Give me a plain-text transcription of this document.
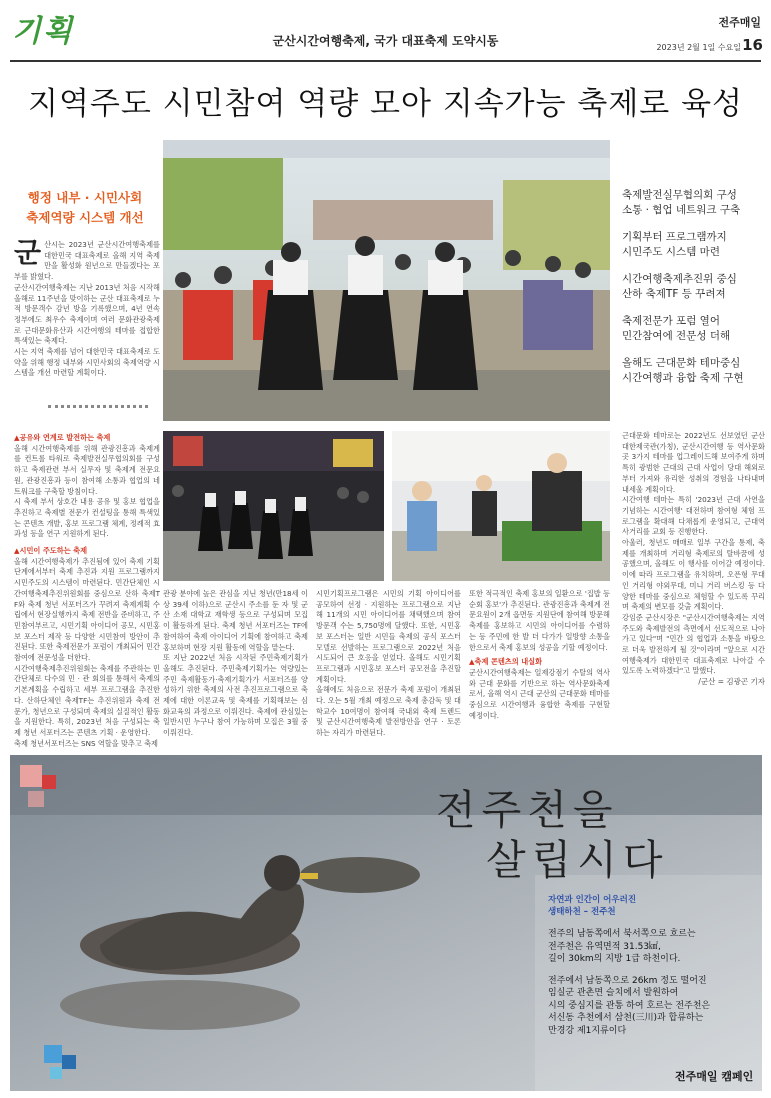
기획	군산시간여행축제, 국가 대표축제 도약시동
전주매일
2023년 2월 1일 수요일 16
지역주도 시민참여 역량 모아 지속가능 축제로 육성
행정 내부 · 시민사회
축제역량 시스템 개선
군 산시는 2023년 군산시간여행축제를 대한민국 대표축제로 올해 지역 축제만을 활성화 원년으로 만들겠다는 포부를 밝혔다.
군산시간여행축제는 지난 2013년 처음 시작해 올해로 11주년을 맞이하는 군산 대표축제로 누적 방문객수 감년 방을 기록했으며, 4년 연속 정부에도 최우수 축제이며 여러 문화관광축제로 근대문화유산과 시간여행의 테마를 접합한 특색있는 축제다.
시는 지역 축제를 넘어 대한민국 대표축제로 도약을 위해 행정 내부와 시민사회의 축제역량 시스템을 개선 마련할 계획이다.
▲공유와 연계로 발전하는 축제
올해 시간여행축제를 위해 관광진흥과 축제계를 컨트롤 타워로 축제발전실무협의회를 구성하고 축제관련 부서 실무자 및 축제계 전문요원, 관광진흥과 등이 참여해 소통과 협업의 네트워크를 구축할 방침이다.
시 축제 부서 상호간 내용 공유 및 홍보 협업을 추진하고 축제별 전문가 컨설팅을 통해 특색있는 콘텐츠 개발, 홍보 프로그램 체계, 정례적 효과성 등을 연구 지원하게 된다.
▲시민이 주도하는 축제
올해 시간여행축제가 추진됨에 있어 축제 기획 단계에서부터 축제 추진과 지원 프로그램까지 시민주도의 시스템이 마련된다. 민간단체인 시간여행축제추진위원회를 중심으로 산하 축제TF와 축제 청년 서포터즈가 꾸려져 축제계획 수립에서 현장실행까지 축제 전반을 준비하고, 주민참여부르고, 시민기획 아이디어 공모, 시민홍보 포스터 제작 등 다양한 시민참여 방안이 추진된다. 또한 축제전문가 포럼이 개최되어 민간참여에 전문성을 더한다.
시간여행축제추진위원회는 축제를 주관하는 민간단체로 다수의 민 · 관 회의를 통해서 축제의 기본계획을 수립하고 세부 프로그램을 추진한다. 산하단체인 축제TF는 추진위원과 축제 전문가, 청년으로 구성되며 축제의 실질적인 활동을 지원한다. 특히, 2023년 처음 구성되는 축제 청년 서포터즈는 콘텐츠 기획 · 운영한다.
축제 청년서포터즈는 SNS 역할을 맞추고 축제
관광 분야에 높은 관심을 지닌 청년(만18세 이상 39세 이하)으로 군산시 주소를 둔 자 및 군산 소재 대학교 재학생 등으로 구성되며 모집이 활동하게 된다. 축제 청년 서포터즈는 TF에 참여하여 축제 아이디어 기획에 참여하고 축제 홍보하며 현장 지원 활동에 역할을 맡는다.
또 지난 2022년 처음 시작된 주민축제기획가 올해도 추진된다. 주민축제기획가는 역량있는 주민 축제활동가·축제기획가가 서포터즈를 양성하기 위한 축제의 사전 추진프로그램으로 축제에 대한 이론교육 및 축제를 기획해보는 심화교육의 과정으로 이뤄진다. 축제에 관심있는 일반시민 누구나 참여 가능하며 모집은 3월 중 이뤄진다.
시민기획프로그램은 시민의 기획 아이디어를 공모하여 선정 · 지원하는 프로그램으로 지난해 11개의 시민 아이디어를 채택했으며 참여 방문객 수는 5,750명에 달했다. 또한, 시민홍보 포스터는 일반 시민들 축제의 공식 포스터 모델로 선발하는 프로그램으로 2022년 처음 시도되어 큰 호응을 얻었다. 올해도 시민기획 프로그램과 시민홍보 포스터 공모전을 추진할 계획이다.
올해에도 처음으로 전문가 축제 포럼이 개최된다. 오는 5월 개최 예정으로 축제 총감독 및 대학교수 10여명이 참여해 국내외 축제 트렌드 및 군산시간여행축제 발전방안을 연구 · 토론하는 자리가 마련된다.
또한 적극적인 축제 홍보의 일환으로 '집밥 등 순회 홍보'가 추진된다. 관광진흥과 축제계 전문요원이 2개 읍면동 지원단에 참여해 방문해 축제를 홍보하고 시민의 아이디어를 수렴하는 등 주민에 한 발 더 다가가 일방향 소통을 한으로서 축제 홍보의 성공을 기할 예정이다.
▲축제 콘텐츠의 내실화
군산시간여행축제는 일제강점기 수탈의 역사와 근대 문화를 기반으로 하는 역사문화축제로서, 올해 역시 근대 군산의 근대문화 테마를 중심으로 시간여행과 융합한 축제를 구현할 예정이다.
축제발전실무협의회 구성
소통 · 협업 네트워크 구축
기획부터 프로그램까지
시민주도 시스템 마련
시간여행축제추진위 중심
산하 축제TF 등 꾸려져
축제전문가 포럼 열어
민간참여에 전문성 더해
올해도 근대문화 테마중심
시간여행과 융합 축제 구현
근대문화 테마로는 2022년도 선보였던 군산대한제국관(가칭), 군산시간여행 등 역사문화 곳 3가지 테마를 업그레이드해 보여주게 하며 특히 광범한 근대의 근대 사업이 당대 해외로부터 가져와 유리한 성취의 경험을 나타내며 내세울 계획이다.
시간여행 테마는 특히 '2023년 근대 사연을 기념하는 시간여행' 대전하며 참여형 체험 프로그램을 확대해 다채롭게 운영되고, 근대역사거리를 교회 등 진행한다.
아울러, 청년도 매매로 일부 구간을 통제, 축제를 개최하며 거리형 축제로의 탈바꿈에 성공했으며, 올해도 이 행사를 이어갈 예정이다. 이에 따라 프로그램을 유치하며, 오픈형 무대인 거리형 야외무대, 미니 거리 버스킹 등 다양한 테마를 중심으로 체험할 수 있도록 꾸리며 축제의 변모를 갖출 계획이다.
강임준 군산시장은 "군산시간여행축제는 지역주도와 축제발전의 측면에서 선도적으로 나아가고 있다"며 "민간 의 협업과 소통을 바탕으로 더욱 발전하게 될 것"이라며 "앞으로 시간여행축제가 대한민국 대표축제로 나아갈 수 있도록 노력하겠다"고 말했다.
/군산 = 김광곤 기자
전주천을
살립시다
자연과 인간이 어우러진
생태하천 – 전주천
전주의 남동쪽에서 북서쪽으로 흐르는
전주천은 유역면적 31.53㎢,
길이 30km의 지방 1급 하천이다.
전주에서 남동쪽으로 26km 정도 떨어진
임실군 관촌면 슬치에서 발원하여
시의 중심지를 관통 하여 호르는 전주천은
서신동 추천에서 삼천(三川)과 합류하는
만경강 제1지류이다
전주매일 캠페인
